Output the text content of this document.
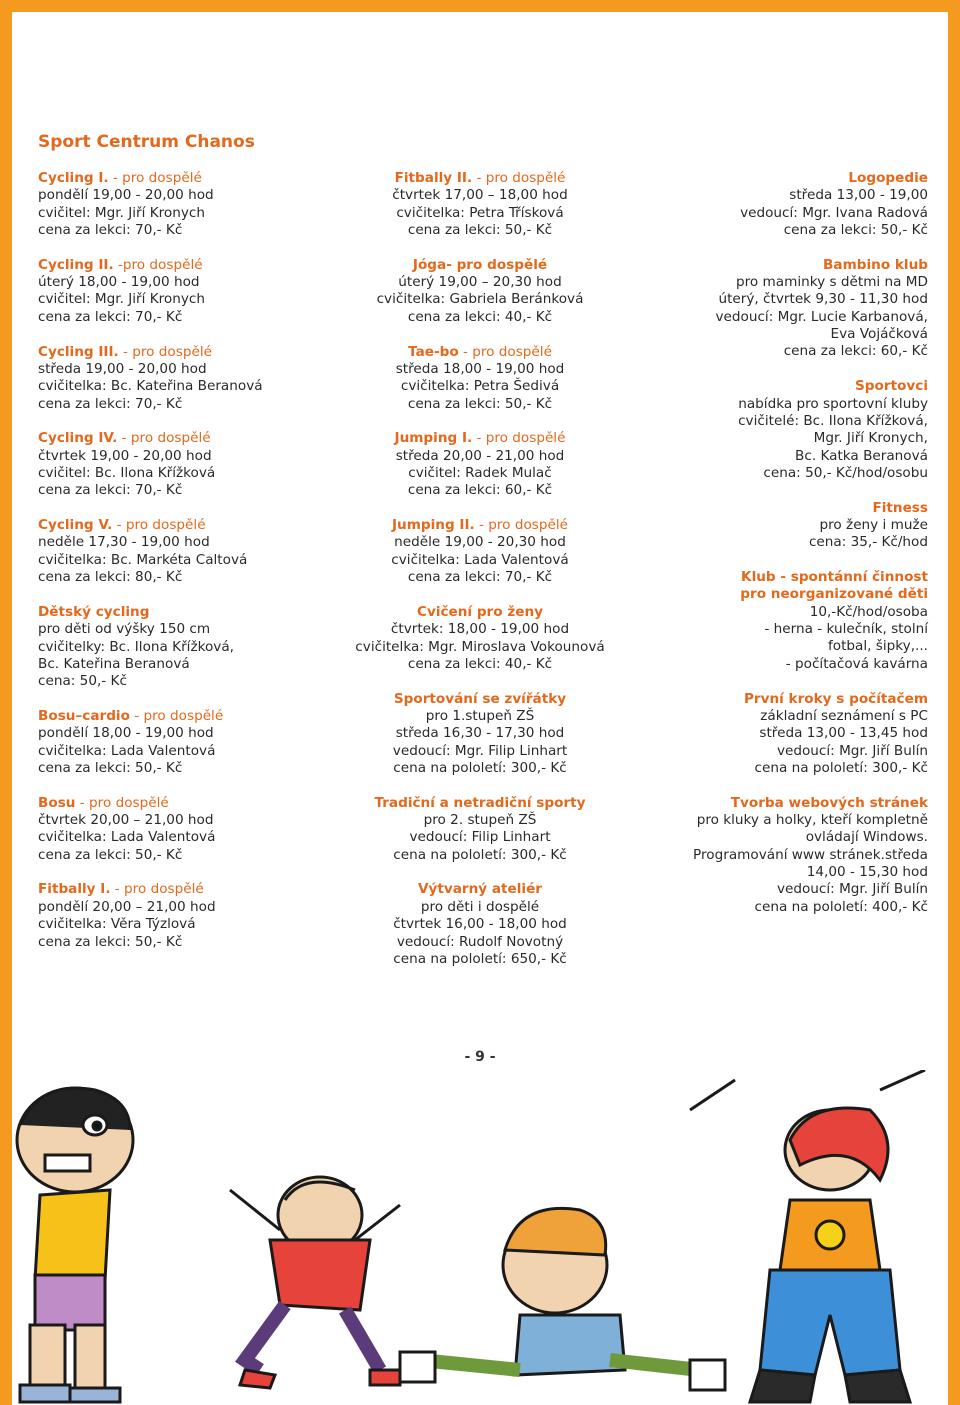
Sport Centrum Chanos
Cycling I. - pro dospělé
pondělí 19,00 - 20,00 hod
cvičitel: Mgr. Jiří Kronych
cena za lekci: 70,- Kč
Cycling II. -pro dospělé
úterý 18,00 - 19,00 hod
cvičitel: Mgr. Jiří Kronych
cena za lekci: 70,- Kč
Cycling III. - pro dospělé
středa 19,00 - 20,00 hod
cvičitelka: Bc. Kateřina Beranová
cena za lekci: 70,- Kč
Cycling IV. - pro dospělé
čtvrtek 19,00 - 20,00 hod
cvičitel: Bc. Ilona Křížková
cena za lekci: 70,- Kč
Cycling V. - pro dospělé
neděle 17,30 - 19,00 hod
cvičitelka: Bc. Markéta Caltová
cena za lekci: 80,- Kč
Dětský cycling
pro děti od výšky 150 cm
cvičitelky: Bc. Ilona Křížková,
Bc. Kateřina Beranová
cena: 50,- Kč
Bosu–cardio - pro dospělé
pondělí 18,00 - 19,00 hod
cvičitelka: Lada Valentová
cena za lekci: 50,- Kč
Bosu - pro dospělé
čtvrtek 20,00 – 21,00 hod
cvičitelka: Lada Valentová
cena za lekci: 50,- Kč
Fitbally I. - pro dospělé
pondělí 20,00 – 21,00 hod
cvičitelka: Věra Týzlová
cena za lekci: 50,- Kč
Fitbally II. - pro dospělé
čtvrtek 17,00 – 18,00 hod
cvičitelka: Petra Třísková
cena za lekci: 50,- Kč
Jóga- pro dospělé
úterý 19,00 – 20,30 hod
cvičitelka: Gabriela Beránková
cena za lekci: 40,- Kč
Tae-bo - pro dospělé
středa 18,00 - 19,00 hod
cvičitelka: Petra Šedivá
cena za lekci: 50,- Kč
Jumping I. - pro dospělé
středa 20,00 - 21,00 hod
cvičitel: Radek Mulač
cena za lekci: 60,- Kč
Jumping II. - pro dospělé
neděle 19,00 - 20,30 hod
cvičitelka: Lada Valentová
cena za lekci: 70,- Kč
Cvičení pro ženy
čtvrtek: 18,00 - 19,00 hod
cvičitelka: Mgr. Miroslava Vokounová
cena za lekci: 40,- Kč
Sportování se zvířátky
pro 1.stupeň ZŠ
středa 16,30 - 17,30 hod
vedoucí: Mgr. Filip Linhart
cena na pololetí: 300,- Kč
Tradiční a netradiční sporty
pro 2. stupeň ZŠ
vedoucí: Filip Linhart
cena na pololetí: 300,- Kč
Výtvarný ateliér
pro děti i dospělé
čtvrtek 16,00 - 18,00 hod
vedoucí: Rudolf Novotný
cena na pololetí: 650,- Kč
Logopedie
středa 13,00 - 19,00
vedoucí: Mgr. Ivana Radová
cena za lekci: 50,- Kč
Bambino klub
pro maminky s dětmi na MD
úterý, čtvrtek 9,30 - 11,30 hod
vedoucí: Mgr. Lucie Karbanová,
Eva Vojáčková
cena za lekci: 60,- Kč
Sportovci
nabídka pro sportovní kluby
cvičitelé: Bc. Ilona Křížková,
Mgr. Jiří Kronych,
Bc. Katka Beranová
cena: 50,- Kč/hod/osobu
Fitness
pro ženy i muže
cena: 35,- Kč/hod
Klub - spontánní činnost
pro neorganizované děti
10,-Kč/hod/osoba
- herna - kulečník, stolní
fotbal, šipky,...
- počítačová kavárna
První kroky s počítačem
základní seznámení s PC
středa 13,00 - 13,45 hod
vedoucí: Mgr. Jiří Bulín
cena na pololetí: 300,- Kč
Tvorba webových stránek
pro kluky a holky, kteří kompletně
ovládají Windows.
Programování www stránek.středa
14,00 - 15,30 hod
vedoucí: Mgr. Jiří Bulín
cena na pololetí: 400,- Kč
- 9 -
